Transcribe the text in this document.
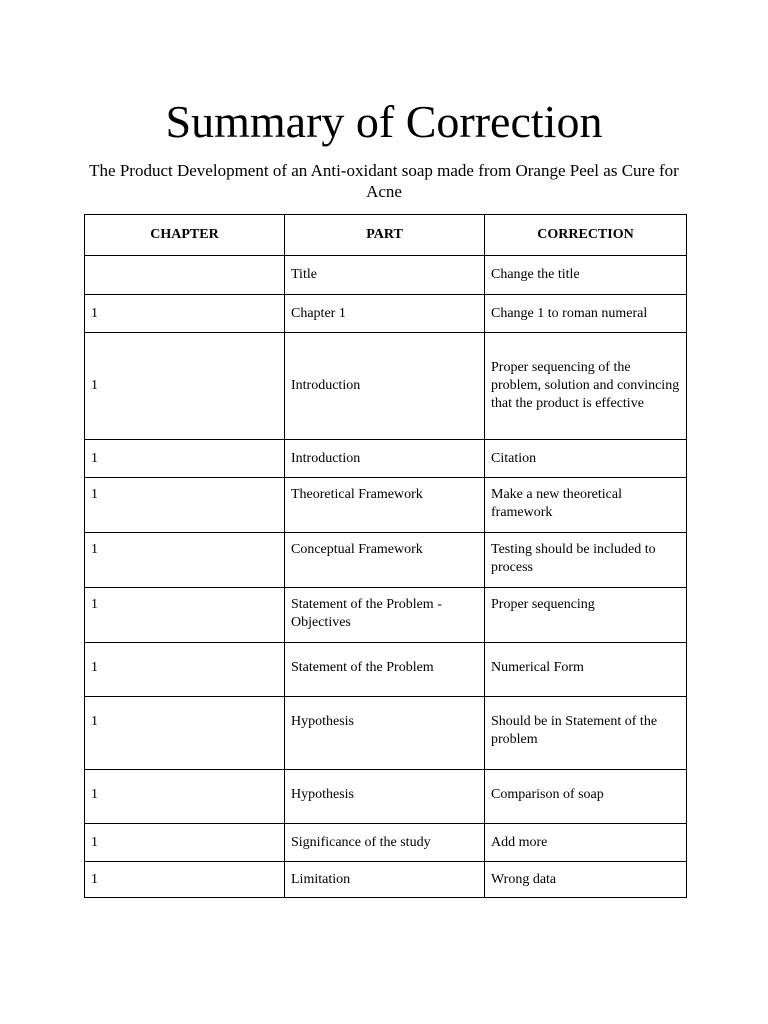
Summary of Correction

The Product Development of an Anti-oxidant soap made from Orange Peel as Cure for Acne

CHAPTER	PART	CORRECTION
	Title	Change the title
1	Chapter 1	Change 1 to roman numeral
1	Introduction	Proper sequencing of the problem, solution and convincing that the product is effective
1	Introduction	Citation
1	Theoretical Framework	Make a new theoretical framework
1	Conceptual Framework	Testing should be included to process
1	Statement of the Problem - Objectives	Proper sequencing
1	Statement of the Problem	Numerical Form
1	Hypothesis	Should be in Statement of the problem
1	Hypothesis	Comparison of soap
1	Significance of the study	Add more
1	Limitation	Wrong data
